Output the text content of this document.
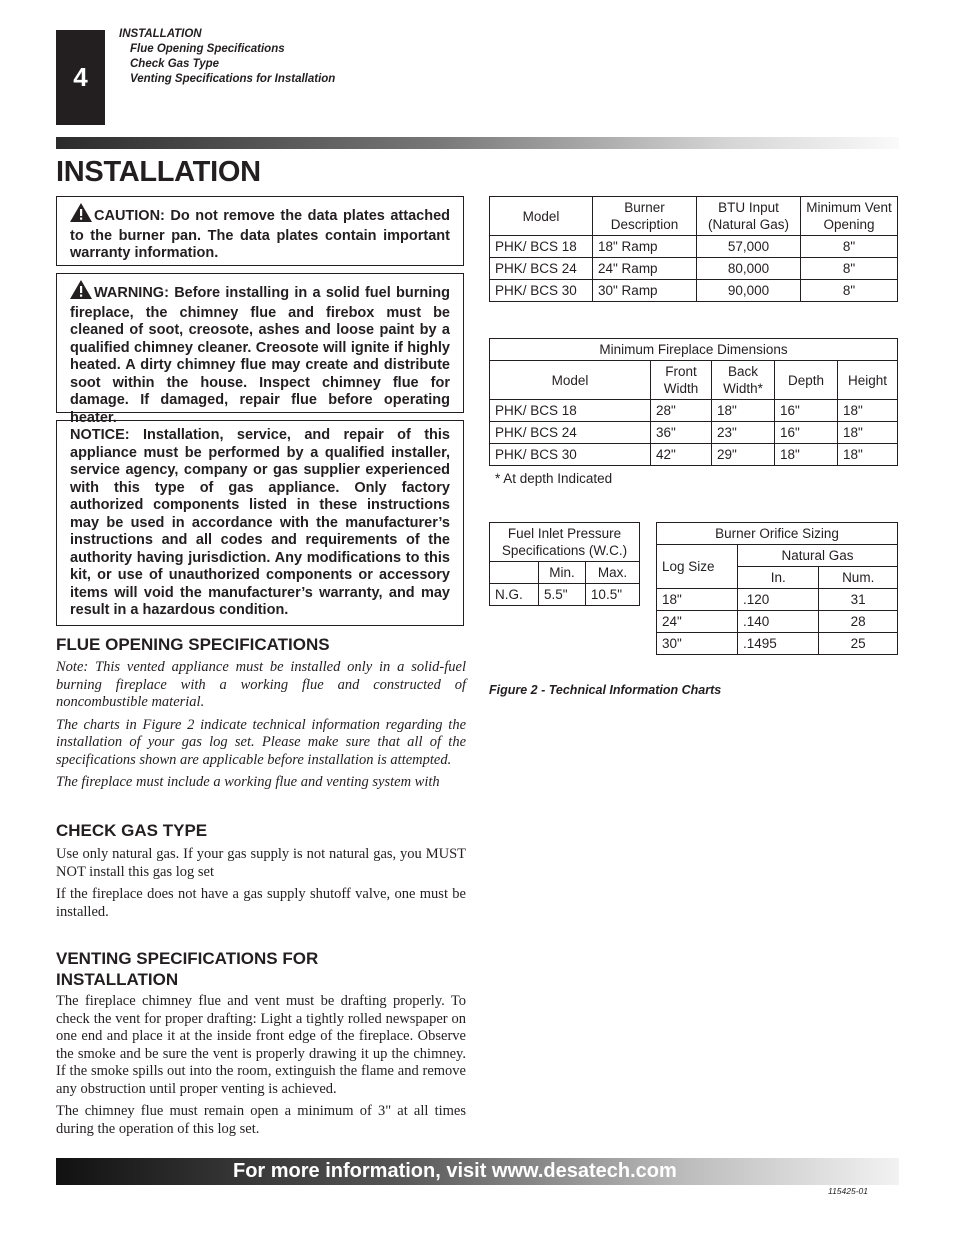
4
INSTALLATION
Flue Opening Specifications
Check Gas Type
Venting Specifications for Installation
INSTALLATION
CAUTION: Do not remove the data plates attached to the burner pan. The data plates contain important warranty information.
WARNING: Before installing in a solid fuel burning fireplace, the chimney flue and firebox must be cleaned of soot, creosote, ashes and loose paint by a qualified chimney cleaner. Creosote will ignite if highly heated. A dirty chimney flue may create and distribute soot within the house. Inspect chimney flue for damage. If damaged, repair flue before operating heater.
NOTICE: Installation, service, and repair of this appliance must be performed by a qualified installer, service agency, company or gas supplier experienced with this type of gas appliance. Only factory authorized components listed in these instructions may be used in accordance with the manufacturer’s instructions and all codes and requirements of the authority having jurisdiction. Any modifications to this kit, or use of unauthorized components or accessory items will void the manufacturer’s warranty, and may result in a hazardous condition.
FLUE OPENING SPECIFICATIONS

Note: This vented appliance must be installed only in a solid-fuel burning fireplace with a working flue and constructed of noncombustible material.

The charts in Figure 2 indicate technical information regarding the installation of your gas log set. Please make sure that all of the specifications shown are applicable before installation is attempted.

The fireplace must include a working flue and venting system with

CHECK GAS TYPE

Use only natural gas. If your gas supply is not natural gas, you MUST NOT install this gas log set

If the fireplace does not have a gas supply shutoff valve, one must be installed.

VENTING SPECIFICATIONS FOR
INSTALLATION

The fireplace chimney flue and vent must be drafting properly. To check the vent for proper drafting: Light a tightly rolled newspaper on one end and place it at the inside front edge of the fireplace. Observe the smoke and be sure the vent is properly drawing it up the chimney. If the smoke spills out into the room, extinguish the flame and remove any obstruction until proper venting is achieved.

The chimney flue must remain open a minimum of 3" at all times during the operation of this log set.

Model	Burner Description	BTU Input (Natural Gas)	Minimum Vent Opening
PHK/ BCS 18	18" Ramp	57,000	8"
PHK/ BCS 24	24" Ramp	80,000	8"
PHK/ BCS 30	30" Ramp	90,000	8"
Minimum Fireplace Dimensions				
Model	Front Width	Back Width*	Depth	Height
PHK/ BCS 18	28"	18"	16"	18"
PHK/ BCS 24	36"	23"	16"	18"
PHK/ BCS 30	42"	29"	18"	18"
* At depth Indicated
Fuel Inlet Pressure Specifications (W.C.)		
	Min.	Max.
N.G.	5.5"	10.5"
Burner Orifice Sizing		
Log Size	Natural Gas	
	In.	Num.
18"	.120	31
24"	.140	28
30"	.1495	25
Figure 2 - Technical Information Charts
For more information, visit www.desatech.com
115425-01
